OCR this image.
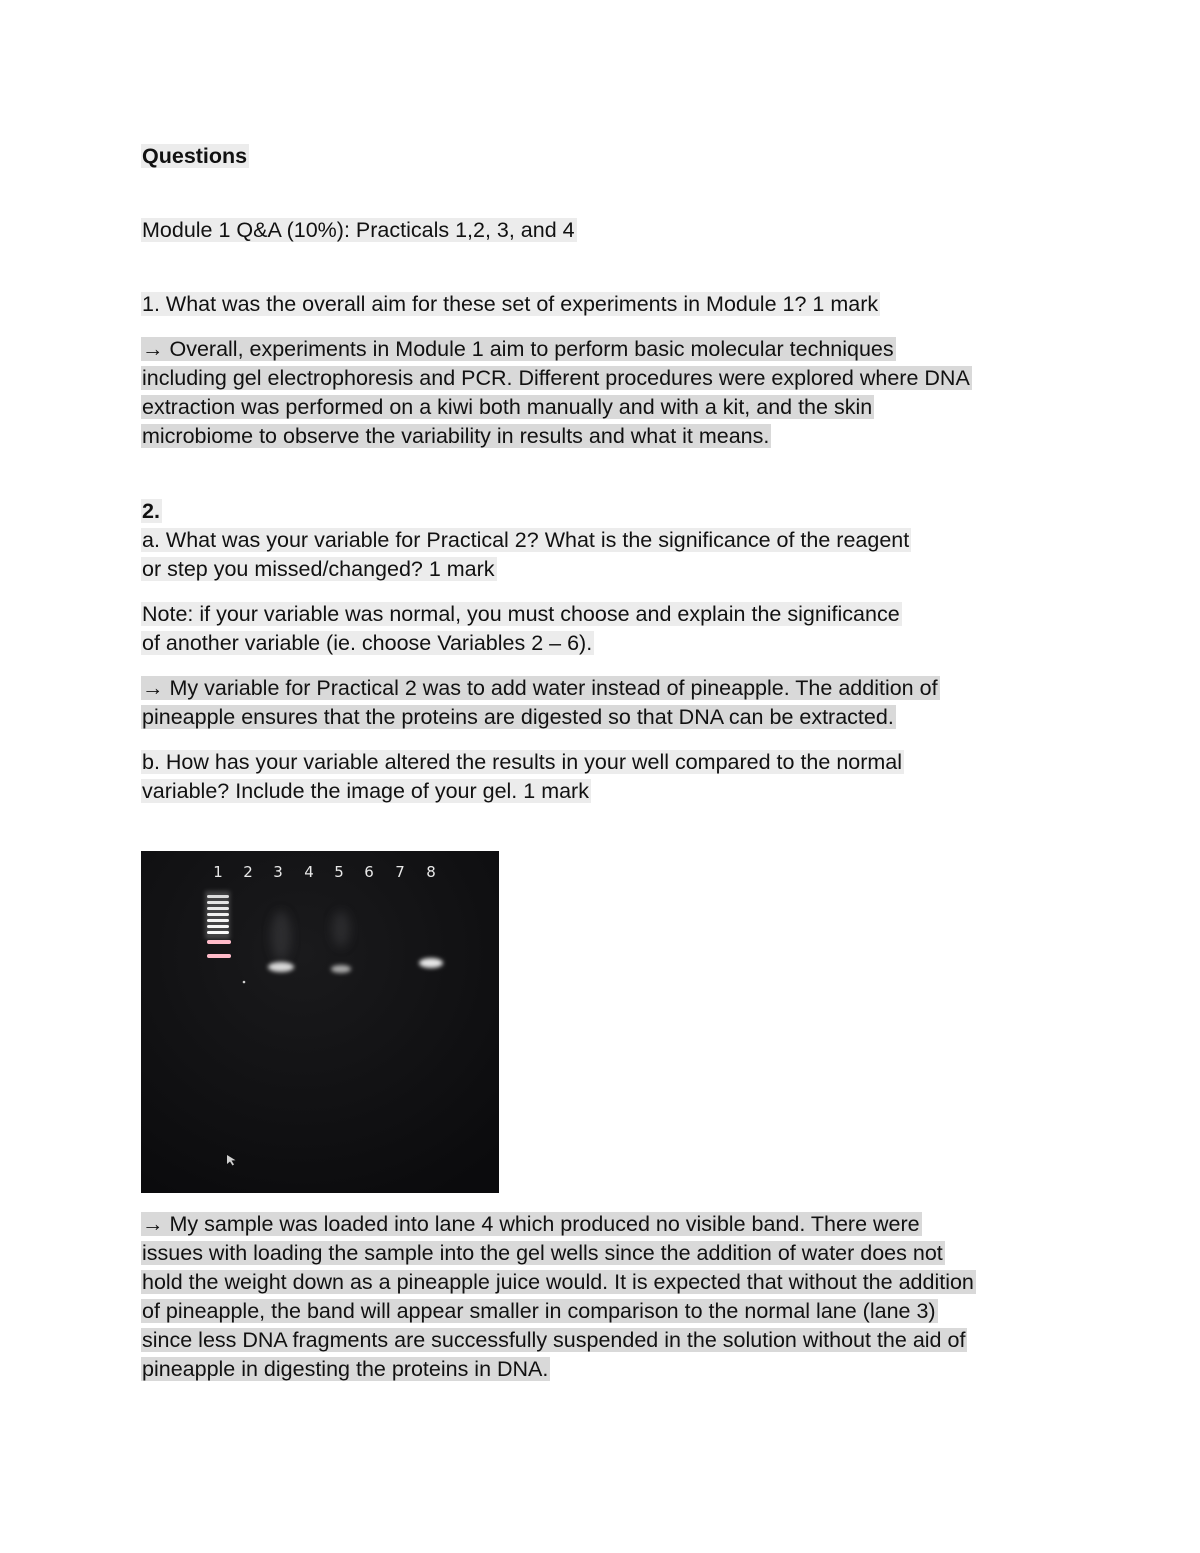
Questions
Module 1 Q&A (10%): Practicals 1,2, 3, and 4
1. What was the overall aim for these set of experiments in Module 1? 1 mark
→ Overall, experiments in Module 1 aim to perform basic molecular techniques
including gel electrophoresis and PCR. Different procedures were explored where DNA
extraction was performed on a kiwi both manually and with a kit, and the skin
microbiome to observe the variability in results and what it means.
2.
a. What was your variable for Practical 2? What is the significance of the reagent
or step you missed/changed? 1 mark
Note: if your variable was normal, you must choose and explain the significance
of another variable (ie. choose Variables 2 – 6).
→ My variable for Practical 2 was to add water instead of pineapple. The addition of
pineapple ensures that the proteins are digested so that DNA can be extracted.
b. How has your variable altered the results in your well compared to the normal
variable? Include the image of your gel. 1 mark
1 2 3 4 5 6 7 8
→ My sample was loaded into lane 4 which produced no visible band. There were
issues with loading the sample into the gel wells since the addition of water does not
hold the weight down as a pineapple juice would. It is expected that without the addition
of pineapple, the band will appear smaller in comparison to the normal lane (lane 3)
since less DNA fragments are successfully suspended in the solution without the aid of
pineapple in digesting the proteins in DNA.
